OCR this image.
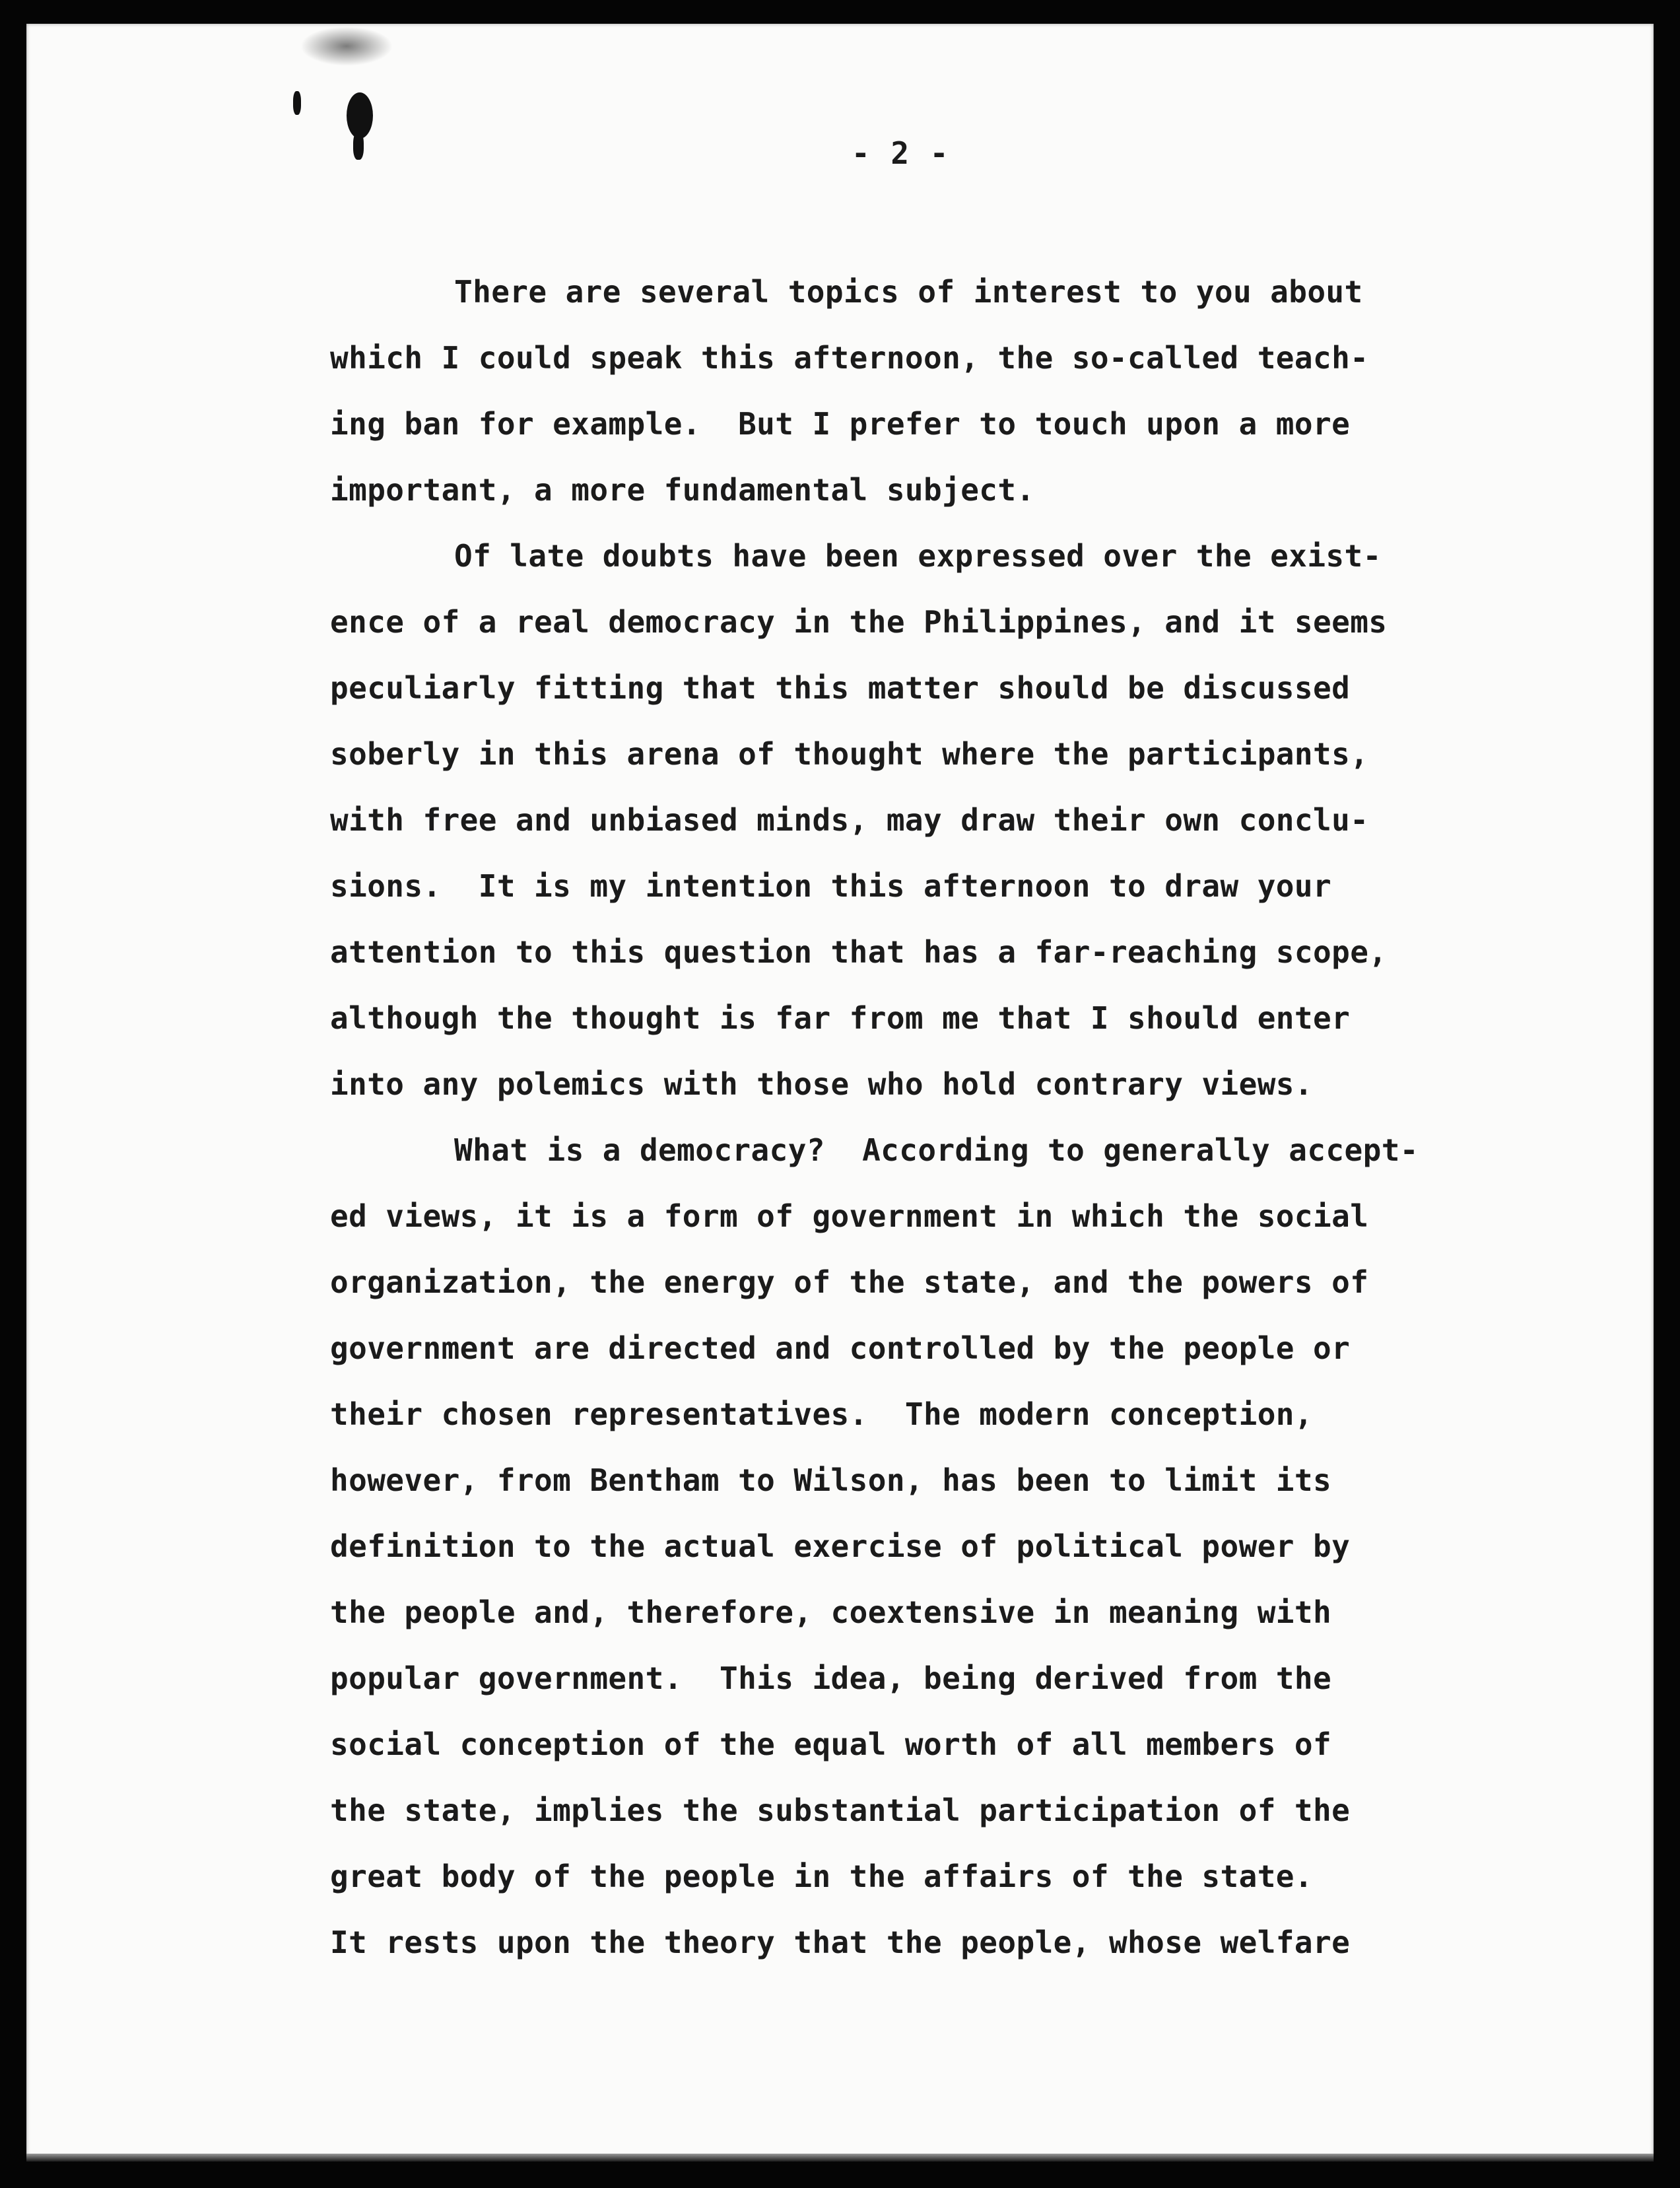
- 2 -
There are several topics of interest to you about
which I could speak this afternoon, the so-called teach-
ing ban for example.  But I prefer to touch upon a more
important, a more fundamental subject.
Of late doubts have been expressed over the exist-
ence of a real democracy in the Philippines, and it seems
peculiarly fitting that this matter should be discussed
soberly in this arena of thought where the participants,
with free and unbiased minds, may draw their own conclu-
sions.  It is my intention this afternoon to draw your
attention to this question that has a far-reaching scope,
although the thought is far from me that I should enter
into any polemics with those who hold contrary views.
What is a democracy?  According to generally accept-
ed views, it is a form of government in which the social
organization, the energy of the state, and the powers of
government are directed and controlled by the people or
their chosen representatives.  The modern conception,
however, from Bentham to Wilson, has been to limit its
definition to the actual exercise of political power by
the people and, therefore, coextensive in meaning with
popular government.  This idea, being derived from the
social conception of the equal worth of all members of
the state, implies the substantial participation of the
great body of the people in the affairs of the state.
It rests upon the theory that the people, whose welfare
